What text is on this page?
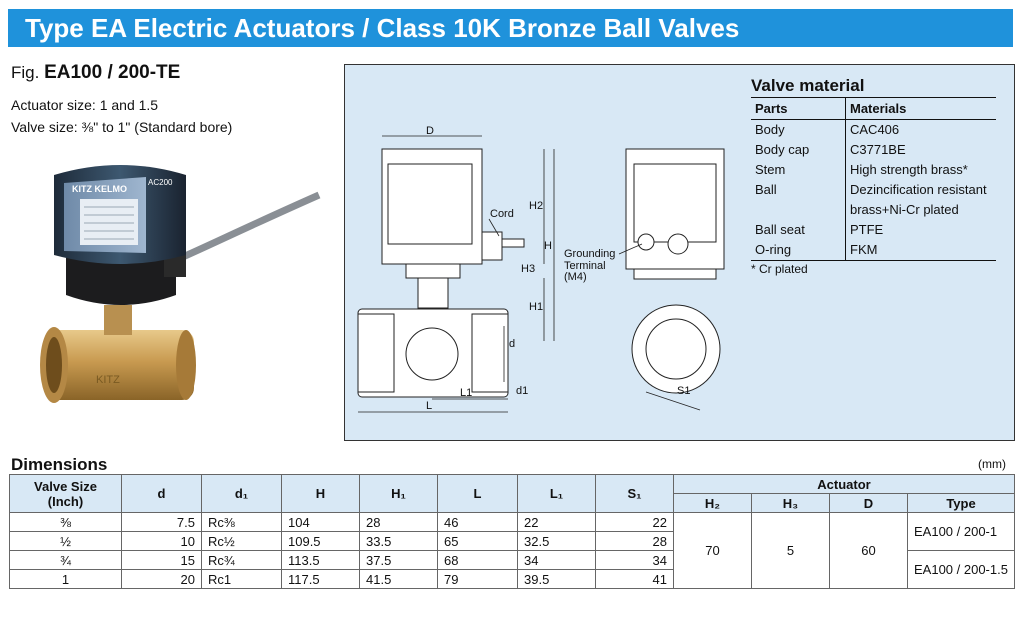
Type EA Electric Actuators / Class 10K Bronze Ball Valves
Fig. EA100 / 200-TE
Actuator size: 1 and 1.5
Valve size: ⅜" to 1" (Standard bore)
KITZ
KITZ KELMO
AC200
D
H2
H
H3
H1
d
L1
L
d1	S1
Cord
Grounding
Terminal
(M4)
Valve material
Parts	Materials
Body	CAC406
Body cap	C3771BE
Stem	High strength brass*
Ball	Dezincification resistant
	brass+Ni-Cr plated
Ball seat	PTFE
O-ring	FKM
* Cr plated
Dimensions	(mm)
Valve Size
(Inch)	d	d₁	H	H₁	L	L₁	S₁	Actuator			
								H₂	H₃	D	Type
⅜	7.5	Rc⅜	104	28	46	22	22	70	5	60	EA100 / 200-1
½	10	Rc½	109.5	33.5	65	32.5	28				
¾	15	Rc¾	113.5	37.5	68	34	34				EA100 / 200-1.5
1	20	Rc1	117.5	41.5	79	39.5	41				
